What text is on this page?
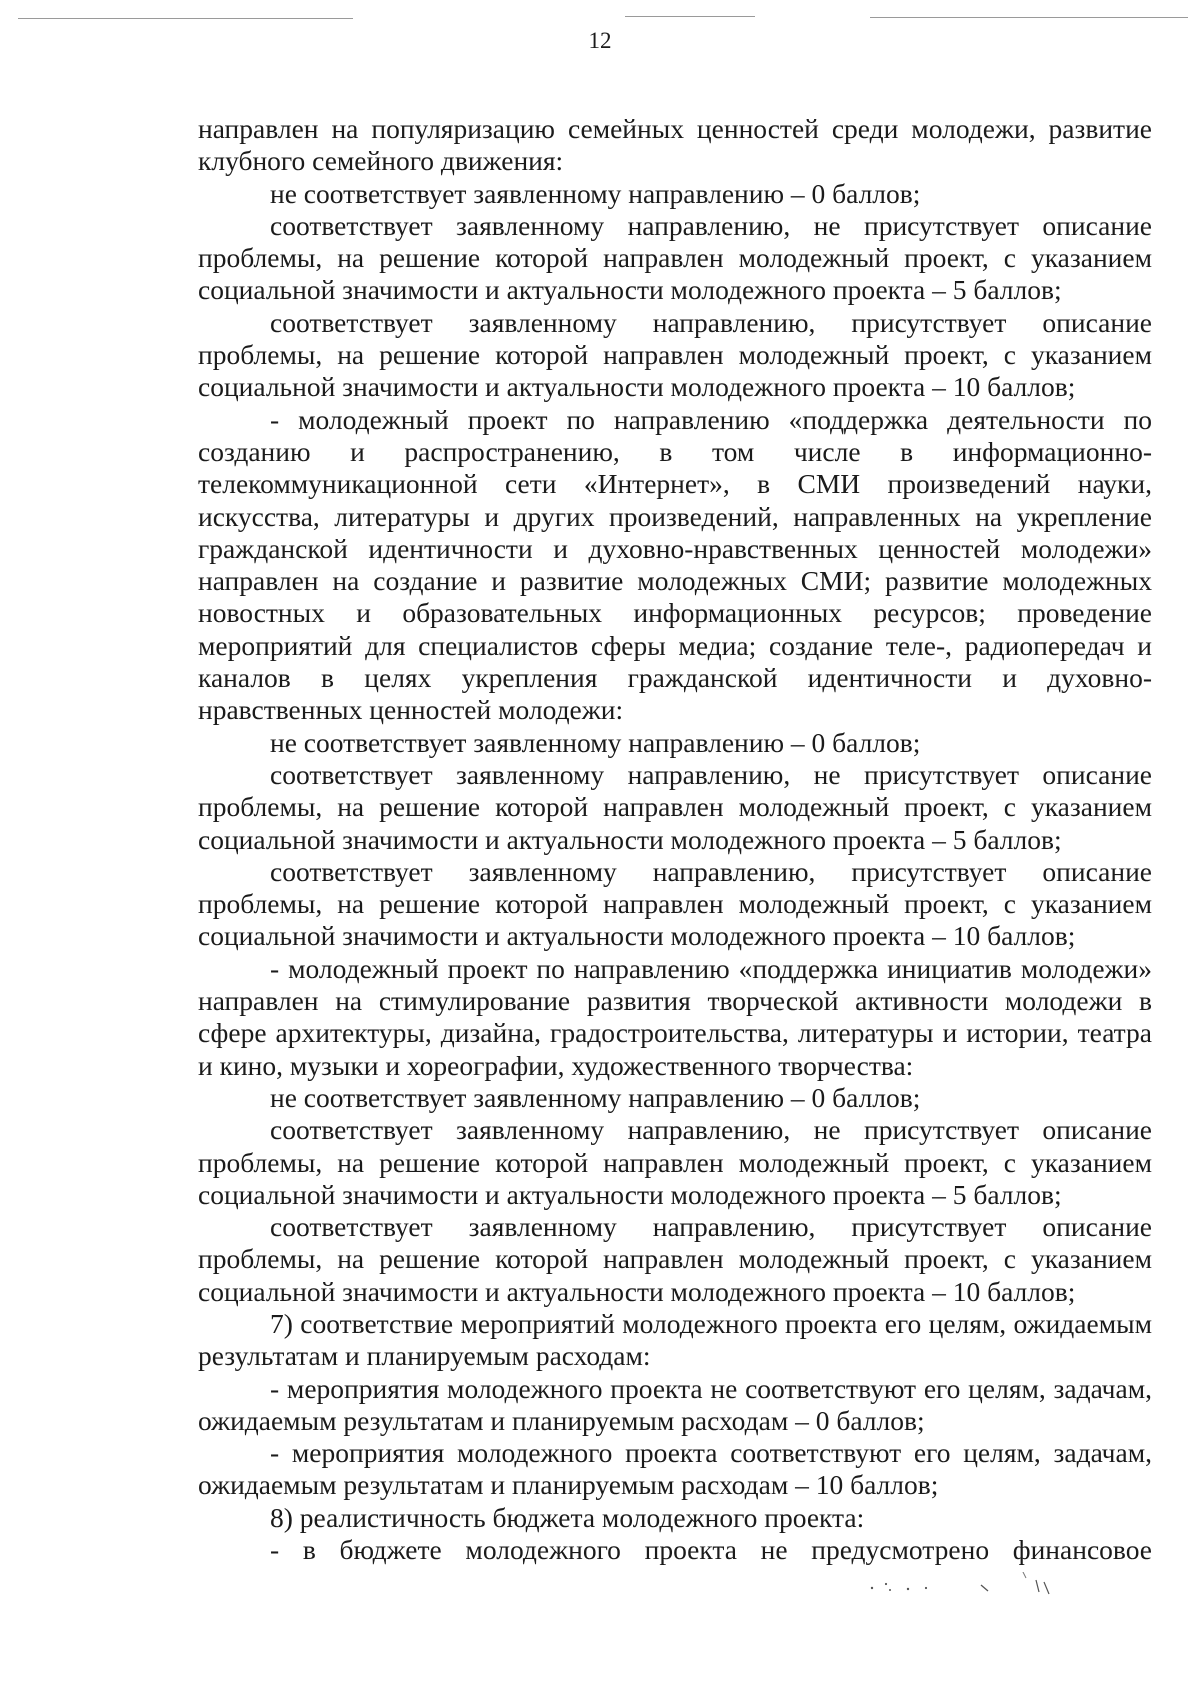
12

направлен на популяризацию семейных ценностей среди молодежи, развитие клубного семейного движения:

не соответствует заявленному направлению – 0 баллов;

соответствует заявленному направлению, не присутствует описание проблемы, на решение которой направлен молодежный проект, с указанием социальной значимости и актуальности молодежного проекта – 5 баллов;

соответствует заявленному направлению, присутствует описание проблемы, на решение которой направлен молодежный проект, с указанием социальной значимости и актуальности молодежного проекта – 10 баллов;

- молодежный проект по направлению «поддержка деятельности по созданию и распространению, в том числе в информационно-телекоммуникационной сети «Интернет», в СМИ произведений науки, искусства, литературы и других произведений, направленных на укрепление гражданской идентичности и духовно-нравственных ценностей молодежи» направлен на создание и развитие молодежных СМИ; развитие молодежных новостных и образовательных информационных ресурсов; проведение мероприятий для специалистов сферы медиа; создание теле-, радиопередач и каналов в целях укрепления гражданской идентичности и духовно-нравственных ценностей молодежи:

не соответствует заявленному направлению – 0 баллов;

соответствует заявленному направлению, не присутствует описание проблемы, на решение которой направлен молодежный проект, с указанием социальной значимости и актуальности молодежного проекта – 5 баллов;

соответствует заявленному направлению, присутствует описание проблемы, на решение которой направлен молодежный проект, с указанием социальной значимости и актуальности молодежного проекта – 10 баллов;

- молодежный проект по направлению «поддержка инициатив молодежи» направлен на стимулирование развития творческой активности молодежи в сфере архитектуры, дизайна, градостроительства, литературы и истории, театра и кино, музыки и хореографии, художественного творчества:

не соответствует заявленному направлению – 0 баллов;

соответствует заявленному направлению, не присутствует описание проблемы, на решение которой направлен молодежный проект, с указанием социальной значимости и актуальности молодежного проекта – 5 баллов;

соответствует заявленному направлению, присутствует описание проблемы, на решение которой направлен молодежный проект, с указанием социальной значимости и актуальности молодежного проекта – 10 баллов;

7) соответствие мероприятий молодежного проекта его целям, ожидаемым результатам и планируемым расходам:

- мероприятия молодежного проекта не соответствуют его целям, задачам, ожидаемым результатам и планируемым расходам – 0 баллов;

- мероприятия молодежного проекта соответствуют его целям, задачам, ожидаемым результатам и планируемым расходам – 10 баллов;

8) реалистичность бюджета молодежного проекта:

- в бюджете молодежного проекта не предусмотрено финансовое
